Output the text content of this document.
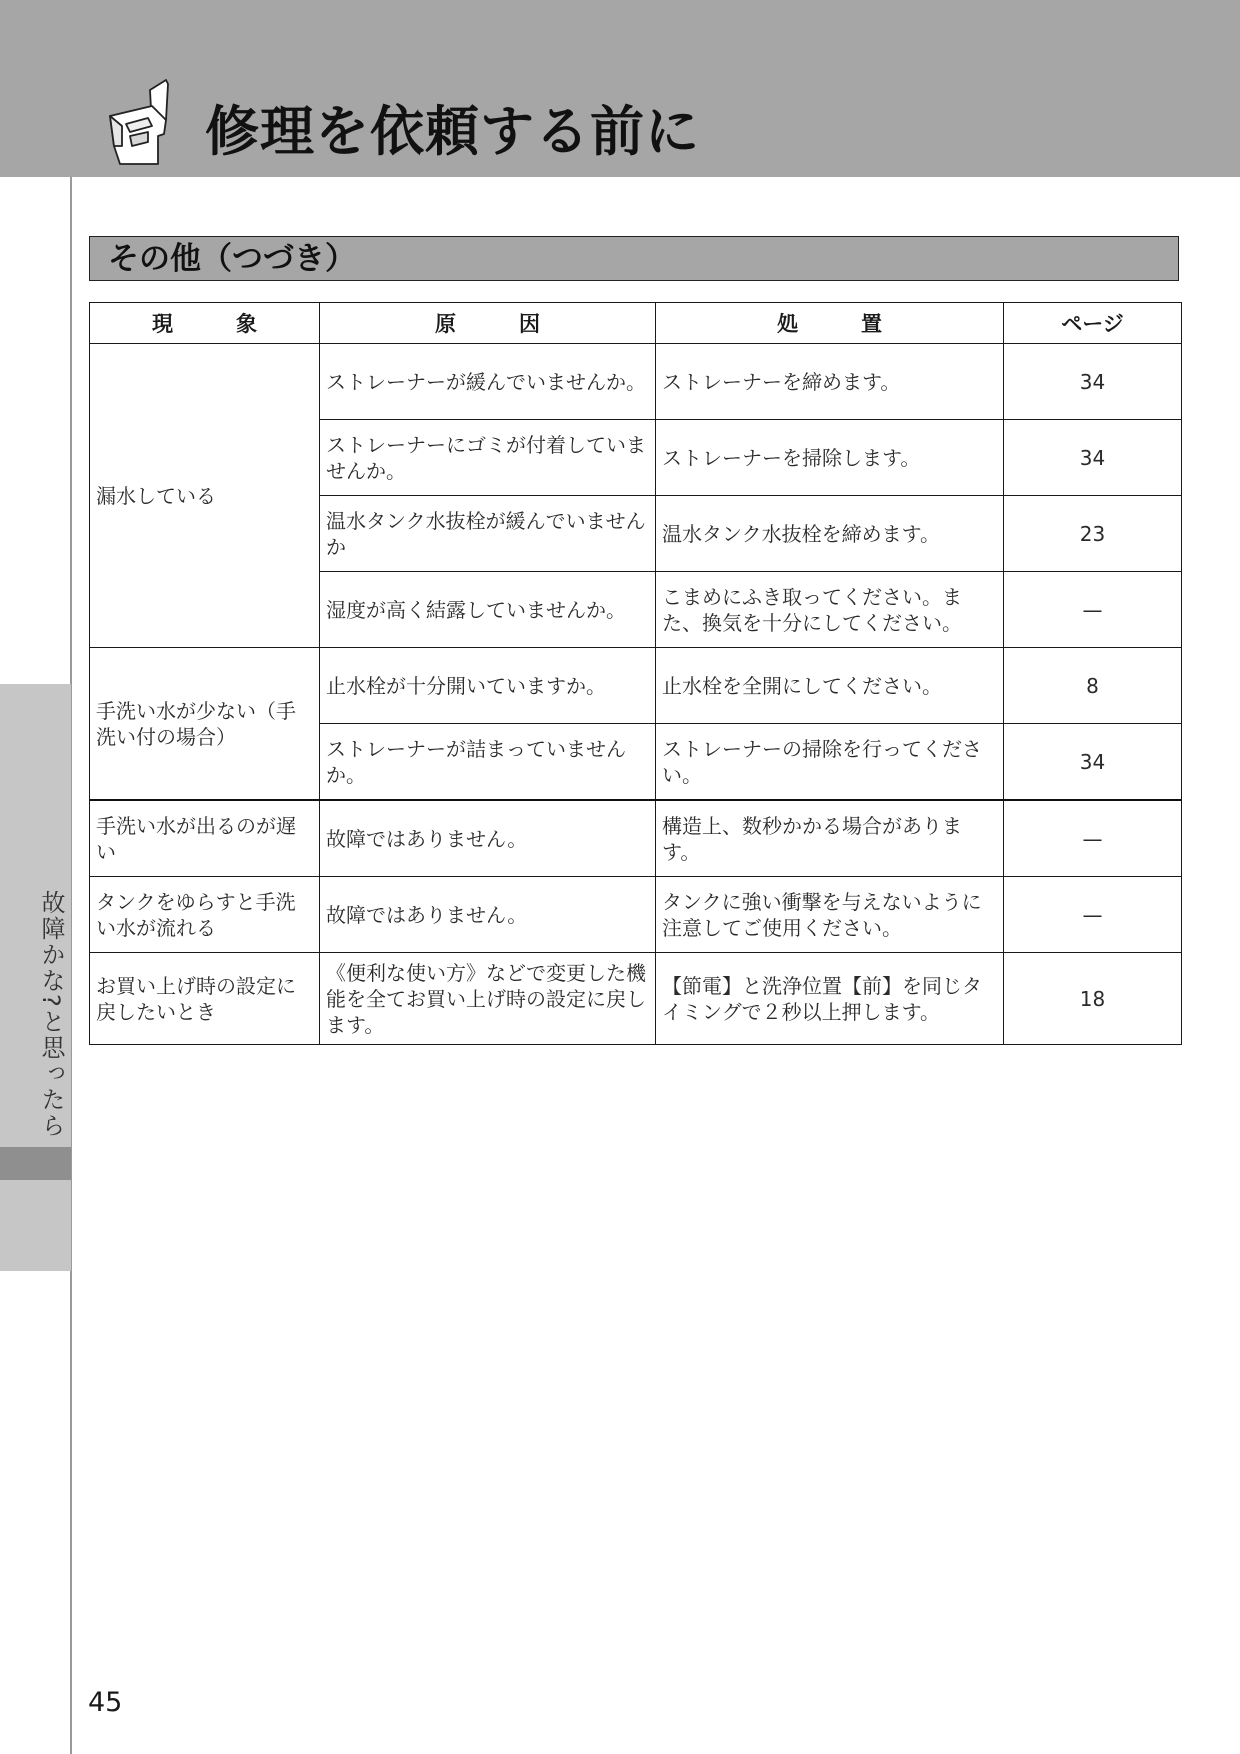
修理を依頼する前に
故障かな?と思ったら
その他（つづき）
現　　　象	原　　　因	処　　　置	ページ
漏水している	ストレーナーが緩んでいませんか。	ストレーナーを締めます。	34
	ストレーナーにゴミが付着していませんか。	ストレーナーを掃除します。	34
	温水タンク水抜栓が緩んでいませんか	温水タンク水抜栓を締めます。	23
	湿度が高く結露していませんか。	こまめにふき取ってください。また、換気を十分にしてください。	—
手洗い水が少ない（手洗い付の場合）	止水栓が十分開いていますか。	止水栓を全開にしてください。	8
	ストレーナーが詰まっていませんか。	ストレーナーの掃除を行ってください。	34
手洗い水が出るのが遅い	故障ではありません。	構造上、数秒かかる場合があります。	—
タンクをゆらすと手洗い水が流れる	故障ではありません。	タンクに強い衝撃を与えないように注意してご使用ください。	—
お買い上げ時の設定に戻したいとき	《便利な使い方》などで変更した機能を全てお買い上げ時の設定に戻します。	【節電】と洗浄位置【前】を同じタイミングで２秒以上押します。	18
45
